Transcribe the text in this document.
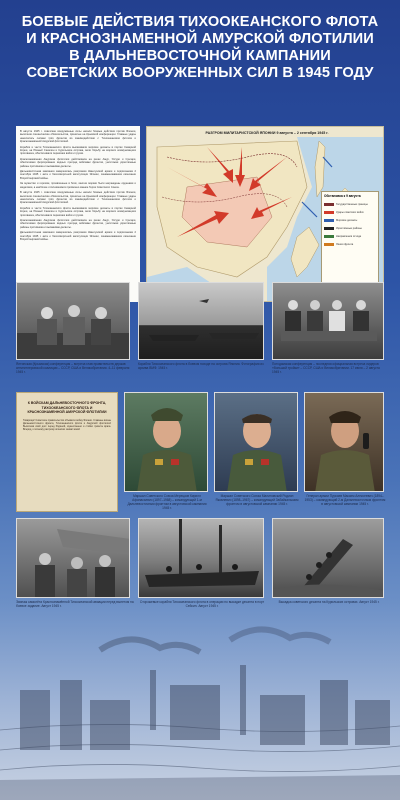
БОЕВЫЕ ДЕЙСТВИЯ ТИХООКЕАНСКОГО ФЛОТА
И КРАСНОЗНАМЕННОЙ АМУРСКОЙ ФЛОТИЛИИ
В ДАЛЬНЕВОСТОЧНОЙ КАМПАНИИ
СОВЕТСКИХ ВООРУЖЕННЫХ СИЛ В 1945 ГОДУ

В августе 1945 г. советские вооружённые силы начали боевые действия против Японии, выполняя союзнические обязательства, принятые на Крымской конференции. Главные удары наносились силами трёх фронтов во взаимодействии с Тихоокеанским флотом и Краснознамённой Амурской флотилией.

Корабли и части Тихоокеанского флота высаживали морские десанты в портах Северной Кореи, на Южный Сахалин и Курильские острова, вели борьбу на морских коммуникациях противника, обеспечивали перевозки войск и грузов.

Краснознамённая Амурская флотилия действовала на реках Амур, Уссури и Сунгари, обеспечивая форсирование водных преград войсками фронтов, уничтожая укреплённые районы противника и высаживая десанты.

Дальневосточная кампания завершилась разгромом Квантунской армии и подписанием 2 сентября 1945 г. акта о безоговорочной капитуляции Японии, ознаменовавшим окончание Второй мировой войны.

За мужество и героизм, проявленные в боях, многие моряки были награждены орденами и медалями, а наиболее отличившимся присвоено звание Героя Советского Союза.

В августе 1945 г. советские вооружённые силы начали боевые действия против Японии, выполняя союзнические обязательства, принятые на Крымской конференции. Главные удары наносились силами трёх фронтов во взаимодействии с Тихоокеанским флотом и Краснознамённой Амурской флотилией.

Корабли и части Тихоокеанского флота высаживали морские десанты в портах Северной Кореи, на Южный Сахалин и Курильские острова, вели борьбу на морских коммуникациях противника, обеспечивали перевозки войск и грузов.

Краснознамённая Амурская флотилия действовала на реках Амур, Уссури и Сунгари, обеспечивая форсирование водных преград войсками фронтов, уничтожая укреплённые районы противника и высаживая десанты.

Дальневосточная кампания завершилась разгромом Квантунской армии и подписанием 2 сентября 1945 г. акта о безоговорочной капитуляции Японии, ознаменовавшим окончание Второй мировой войны.

РАЗГРОМ МИЛИТАРИСТСКОЙ ЯПОНИИ 9 августа – 2 сентября 1945 г.
Обстановка к 9 августа
Государственные границы
Удары советских войск
Морские десанты
Укреплённые районы
Направления отхода
Линия фронта
Ялтинская (Крымская) конференция – встреча глав правительств держав антигитлеровской коалиции – СССР, США и Великобритании. 4–11 февраля 1945 г.
Корабли Тихоокеанского флота в боевом походе на острова Японии. Фотография из архива ВМФ. 1945 г.
Потсдамская конференция – последняя официальная встреча лидеров «большой тройки» – СССР, США и Великобритании. 17 июля – 2 августа 1945 г.
К ВОЙСКАМ ДАЛЬНЕВОСТОЧНОГО ФРОНТА, ТИХООКЕАНСКОГО ФЛОТА И КРАСНОЗНАМЕННОЙ АМУРСКОЙ ФЛОТИЛИИ
Товарищи! Советское правительство объявило войну Японии. Славные воины Дальневосточного фронта, Тихоокеанского флота и Амурской флотилии! Выполняя свой долг перед Родиной, мужественно и стойко громите врага. Вперёд, к полному разгрому японских захватчиков!
Маршал Советского Союза Мерецков Кирилл Афанасьевич (1897–1968) – командующий 1-м Дальневосточным фронтом в августовской кампании 1945 г.
Маршал Советского Союза Малиновский Родион Яковлевич (1898–1967) – командующий Забайкальским фронтом в августовской кампании 1945 г.
Генерал армии Пуркаев Максим Алексеевич (1894–1953) – командующий 2-м Дальневосточным фронтом в августовской кампании 1945 г.
Экипаж самолёта Краснознамённой Тихоокеанской авиации перед вылетом на боевое задание. Август 1945 г.
Сторожевые корабли Тихоокеанского флота в операции по высадке десанта в порт Сейсин. Август 1945 г.
Высадка советского десанта на Курильских островах. Август 1945 г.
